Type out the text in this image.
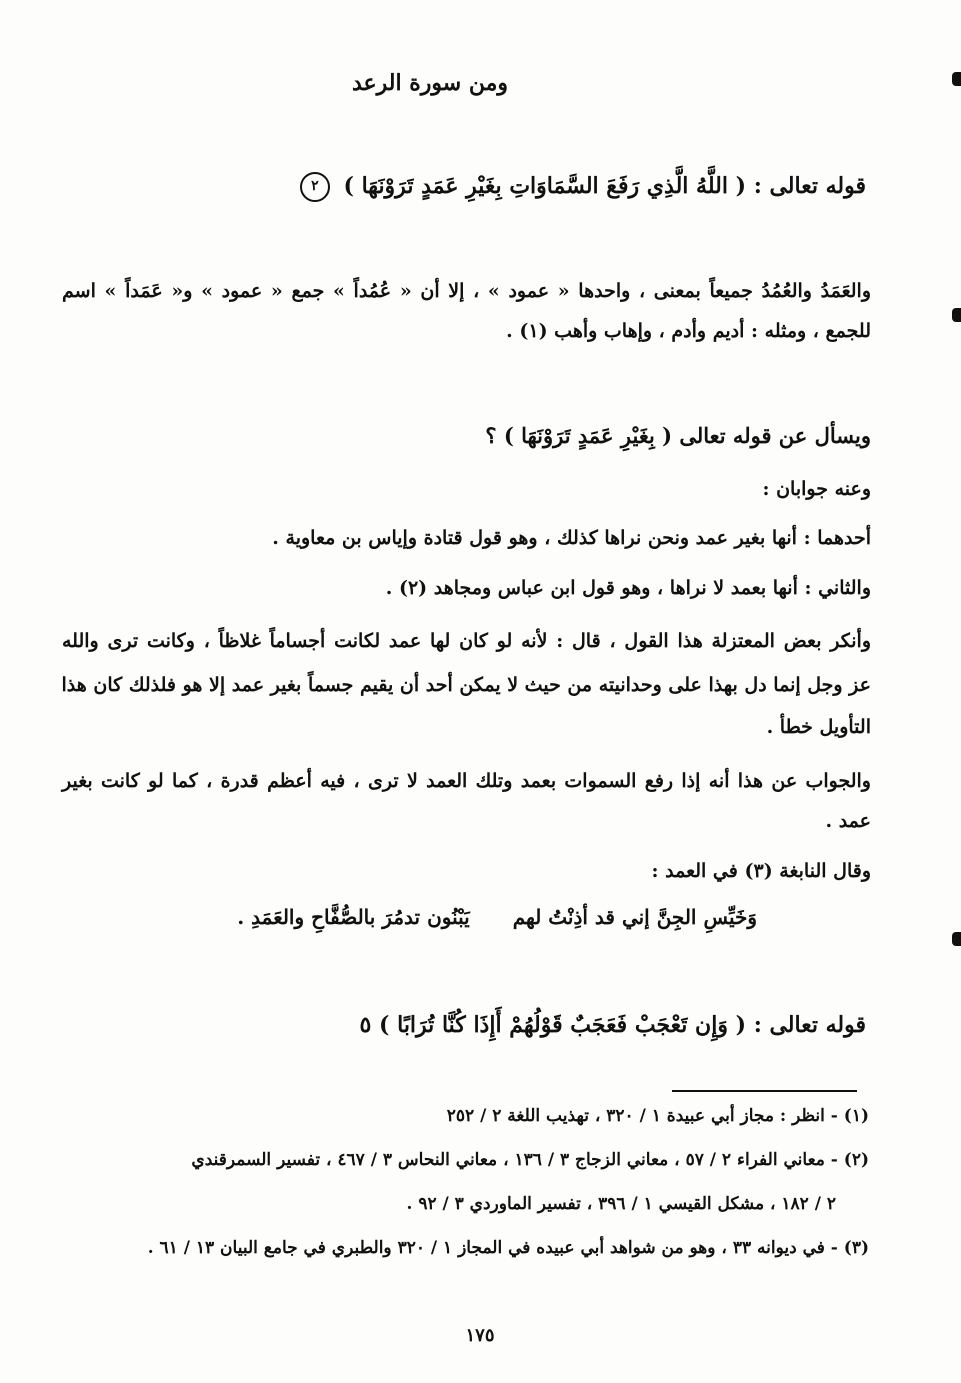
ومن سورة الرعد
قوله تعالى : ( اللَّهُ الَّذِي رَفَعَ السَّمَاوَاتِ بِغَيْرِ عَمَدٍ تَرَوْنَهَا ) ٢
والعَمَدُ والعُمُدُ جميعاً بمعنى ، واحدها « عمود » ، إلا أن « عُمُداً » جمع « عمود » و« عَمَداً » اسم
للجمع ، ومثله : أديم وأدم ، وإهاب وأهب (١) .
ويسأل عن قوله تعالى ( بِغَيْرِ عَمَدٍ تَرَوْنَهَا ) ؟
وعنه جوابان :
أحدهما : أنها بغير عمد ونحن نراها كذلك ، وهو قول قتادة وإياس بن معاوية .
والثاني : أنها بعمد لا نراها ، وهو قول ابن عباس ومجاهد (٢) .
وأنكر بعض المعتزلة هذا القول ، قال : لأنه لو كان لها عمد لكانت أجساماً غلاظاً ، وكانت ترى والله
عز وجل إنما دل بهذا على وحدانيته من حيث لا يمكن أحد أن يقيم جسماً بغير عمد إلا هو فلذلك كان هذا
التأويل خطأ .
والجواب عن هذا أنه إذا رفع السموات بعمد وتلك العمد لا ترى ، فيه أعظم قدرة ، كما لو كانت بغير
عمد .
وقال النابغة (٣) في العمد :
وَخَيِّسِ الجِنَّ إني قد أذِنْتُ لهم يَبْنُون تدمُرَ بالصُّفَّاحِ والعَمَدِ .
قوله تعالى : ( وَإِن تَعْجَبْ فَعَجَبٌ قَوْلُهُمْ أَإِذَا كُنَّا تُرَابًا ) ٥
(١) - انظر : مجاز أبي عبيدة ١ / ٣٢٠ ، تهذيب اللغة ٢ / ٢٥٢
(٢) - معاني الفراء ٢ / ٥٧ ، معاني الزجاج ٣ / ١٣٦ ، معاني النحاس ٣ / ٤٦٧ ، تفسير السمرقندي
٢ / ١٨٢ ، مشكل القيسي ١ / ٣٩٦ ، تفسير الماوردي ٣ / ٩٢ .
(٣) - في ديوانه ٣٣ ، وهو من شواهد أبي عبيده في المجاز ١ / ٣٢٠ والطبري في جامع البيان ١٣ / ٦١ .
١٧٥
